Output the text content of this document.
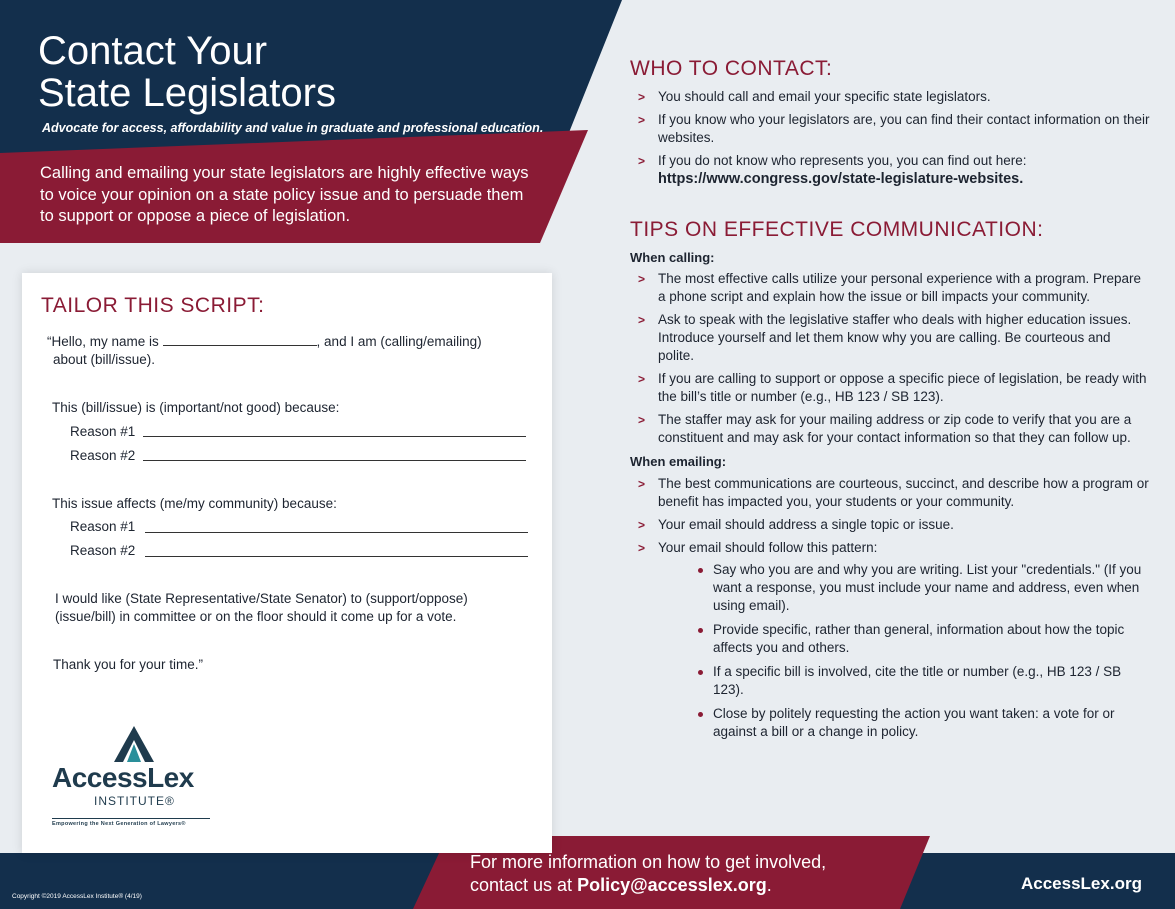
Contact Your
State Legislators

Advocate for access, affordability and value in graduate and professional education.

Calling and emailing your state legislators are highly effective ways to voice your opinion on a state policy issue and to persuade them to support or oppose a piece of legislation.

TAILOR THIS SCRIPT:

“Hello, my name is	, and I am (calling/emailing)

about (bill/issue).

This (bill/issue) is (important/not good) because:

Reason #1

Reason #2

This issue affects (me/my community) because:

Reason #1

Reason #2

I would like (State Representative/State Senator) to (support/oppose) (issue/bill) in committee or on the floor should it come up for a vote.

Thank you for your time.”

AccessLex

INSTITUTE®

Empowering the Next Generation of Lawyers®

WHO TO CONTACT:
> You should call and email your specific state legislators.
> If you know who your legislators are, you can find their contact information on their websites.
> If you do not know who represents you, you can find out here:
https://www.congress.gov/state-legislature-websites.
TIPS ON EFFECTIVE COMMUNICATION:

When calling:

> The most effective calls utilize your personal experience with a program. Prepare a phone script and explain how the issue or bill impacts your community.
> Ask to speak with the legislative staffer who deals with higher education issues. Introduce yourself and let them know why you are calling. Be courteous and polite.
> If you are calling to support or oppose a specific piece of legislation, be ready with the bill’s title or number (e.g., HB 123 / SB 123).
> The staffer may ask for your mailing address or zip code to verify that you are a constituent and may ask for your contact information so that they can follow up.

When emailing:

> The best communications are courteous, succinct, and describe how a program or benefit has impacted you, your students or your community.
> Your email should address a single topic or issue.
> Your email should follow this pattern:
Say who you are and why you are writing. List your "credentials." (If you want a response, you must include your name and address, even when using email).
Provide specific, rather than general, information about how the topic affects you and others.
If a specific bill is involved, cite the title or number (e.g., HB 123 / SB 123).
Close by politely requesting the action you want taken: a vote for or against a bill or a change in policy.

For more information on how to get involved,

contact us at Policy@accesslex.org.	AccessLex.org

Copyright ©2019 AccessLex Institute® (4/19)
